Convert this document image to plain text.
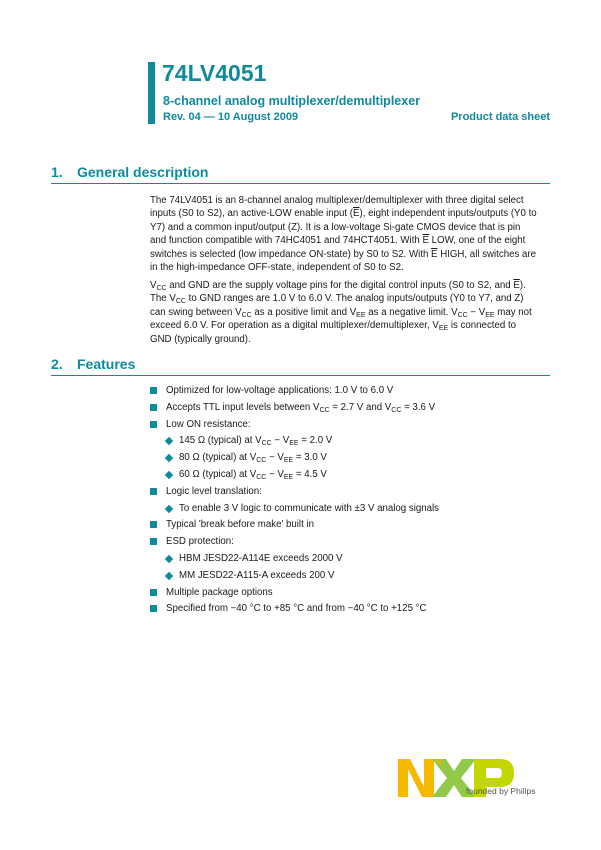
74LV4051
8-channel analog multiplexer/demultiplexer
Rev. 04 — 10 August 2009	Product data sheet
1. General description
The 74LV4051 is an 8-channel analog multiplexer/demultiplexer with three digital select
inputs (S0 to S2), an active-LOW enable input $(\overline{E})$, eight independent inputs/outputs (Y0 to
Y7) and a common input/output (Z). It is a low-voltage Si-gate CMOS device that is pin
and function compatible with 74HC4051 and 74HCT4051. With $\overline{E}$ LOW, one of the eight
switches is selected (low impedance ON-state) by S0 to S2. With $\overline{E}$ HIGH, all switches are
in the high-impedance OFF-state, independent of S0 to S2.
$V_{CC}$ and GND are the supply voltage pins for the digital control inputs (S0 to S2, and $\overline{E}$).
The $V_{CC}$ to GND ranges are 1.0 V to 6.0 V. The analog inputs/outputs (Y0 to Y7, and Z)
can swing between $V_{CC}$ as a positive limit and $V_{EE}$ as a negative limit. $V_{CC} - V_{EE}$ may not
exceed 6.0 V. For operation as a digital multiplexer/demultiplexer, $V_{EE}$ is connected to
GND (typically ground).
2. Features
Optimized for low-voltage applications: 1.0 V to 6.0 V
Accepts TTL input levels between $V_{CC} = 2.7$ V and $V_{CC} = 3.6$ V
Low ON resistance:
145 Ω (typical) at $V_{CC} - V_{EE} = 2.0$ V
80 Ω (typical) at $V_{CC} - V_{EE} = 3.0$ V
60 Ω (typical) at $V_{CC} - V_{EE} = 4.5$ V
Logic level translation:
To enable 3 V logic to communicate with ±3 V analog signals
Typical 'break before make' built in
ESD protection:
HBM JESD22-A114E exceeds 2000 V
MM JESD22-A115-A exceeds 200 V
Multiple package options
Specified from −40 °C to +85 °C and from −40 °C to +125 °C
founded by Philips
